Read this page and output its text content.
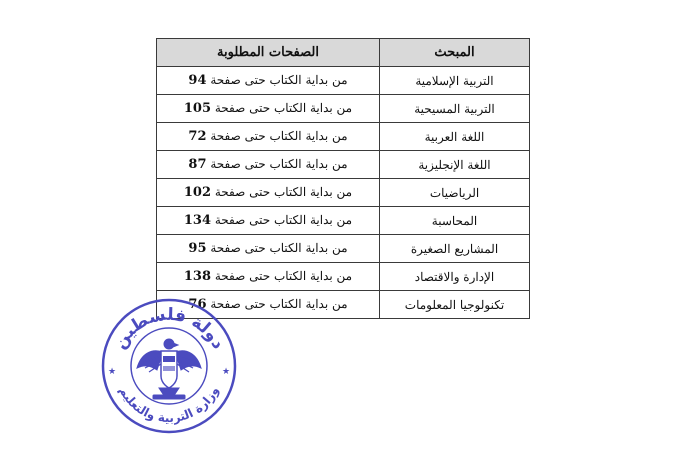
المبحث	الصفحات المطلوبة
التربية الإسلامية	من بداية الكتاب حتى صفحة 94
التربية المسيحية	من بداية الكتاب حتى صفحة 105
اللغة العربية	من بداية الكتاب حتى صفحة 72
اللغة الإنجليزية	من بداية الكتاب حتى صفحة 87
الرياضيات	من بداية الكتاب حتى صفحة 102
المحاسبة	من بداية الكتاب حتى صفحة 134
المشاريع الصغيرة	من بداية الكتاب حتى صفحة 95
الإدارة والاقتصاد	من بداية الكتاب حتى صفحة 138
تكنولوجيا المعلومات	من بداية الكتاب حتى صفحة 76
★	★
دولة فلسطين
وزارة التربية والتعليم
